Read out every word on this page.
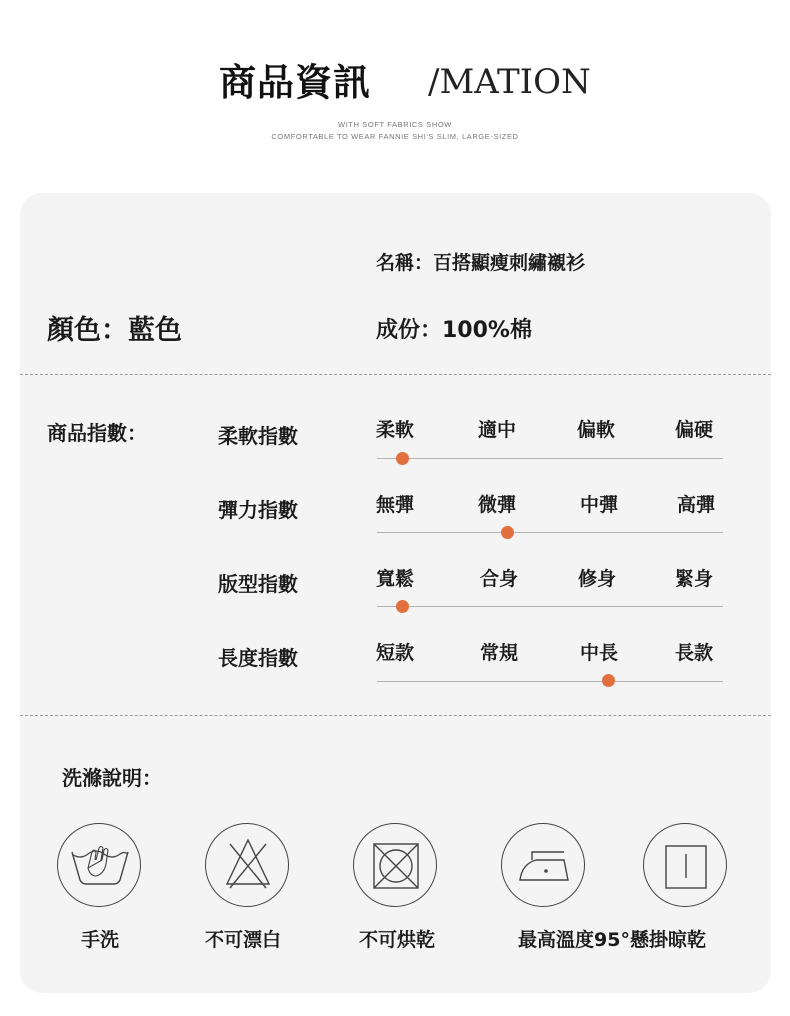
商品資訊 /MATION
WITH SOFT FABRICS SHOW
COMFORTABLE TO WEAR FANNIE SHI'S SLIM, LARGE-SIZED
名稱：百搭顯瘦刺繡襯衫
顏色：藍色	成份：100%棉
商品指數：	柔軟指數	柔軟	適中	偏軟	偏硬
彈力指數	無彈	微彈	中彈	高彈
版型指數	寬鬆	合身	修身	緊身
長度指數	短款	常規	中長	長款
洗滌說明：
手洗	不可漂白	不可烘乾	最高溫度95°懸掛晾乾
